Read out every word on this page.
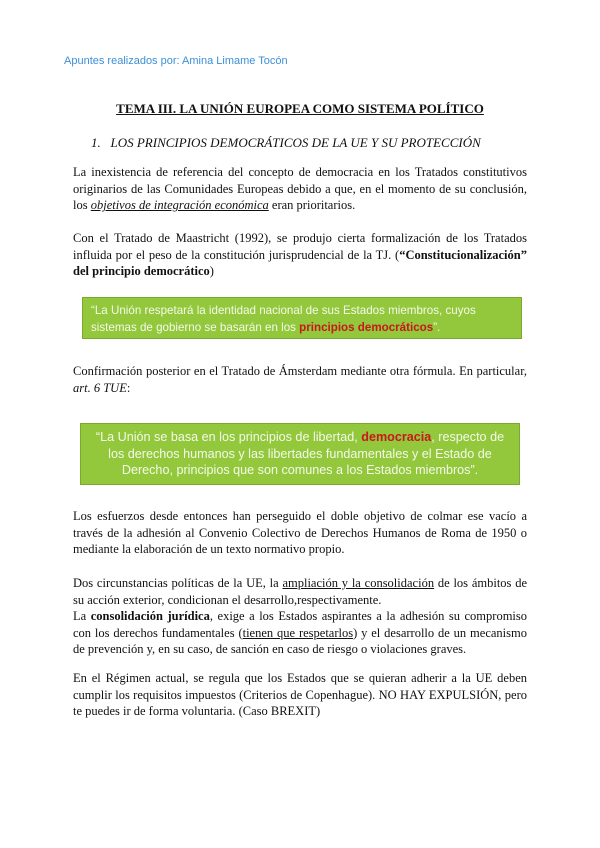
Apuntes realizados por: Amina Limame Tocón
TEMA III. LA UNIÓN EUROPEA COMO SISTEMA POLÍTICO
1. LOS PRINCIPIOS DEMOCRÁTICOS DE LA UE Y SU PROTECCIÓN
La inexistencia de referencia del concepto de democracia en los Tratados constitutivos originarios de las Comunidades Europeas debido a que, en el momento de su conclusión, los objetivos de integración económica eran prioritarios.
Con el Tratado de Maastricht (1992), se produjo cierta formalización de los Tratados influida por el peso de la constitución jurisprudencial de la TJ. (“Constitucionalización” del principio democrático)
“La Unión respetará la identidad nacional de sus Estados miembros, cuyos sistemas de gobierno se basarán en los principios democráticos”.
Confirmación posterior en el Tratado de Ámsterdam mediante otra fórmula. En particular, art. 6 TUE:
“La Unión se basa en los principios de libertad, democracia, respecto de los derechos humanos y las libertades fundamentales y el Estado de Derecho, principios que son comunes a los Estados miembros”.
Los esfuerzos desde entonces han perseguido el doble objetivo de colmar ese vacío a través de la adhesión al Convenio Colectivo de Derechos Humanos de Roma de 1950 o mediante la elaboración de un texto normativo propio.
Dos circunstancias políticas de la UE, la ampliación y la consolidación de los ámbitos de su acción exterior, condicionan el desarrollo,respectivamente.
La consolidación jurídica, exige a los Estados aspirantes a la adhesión su compromiso con los derechos fundamentales (tienen que respetarlos) y el desarrollo de un mecanismo de prevención y, en su caso, de sanción en caso de riesgo o violaciones graves.
En el Régimen actual, se regula que los Estados que se quieran adherir a la UE deben cumplir los requisitos impuestos (Criterios de Copenhague). NO HAY EXPULSIÓN, pero te puedes ir de forma voluntaria. (Caso BREXIT)
